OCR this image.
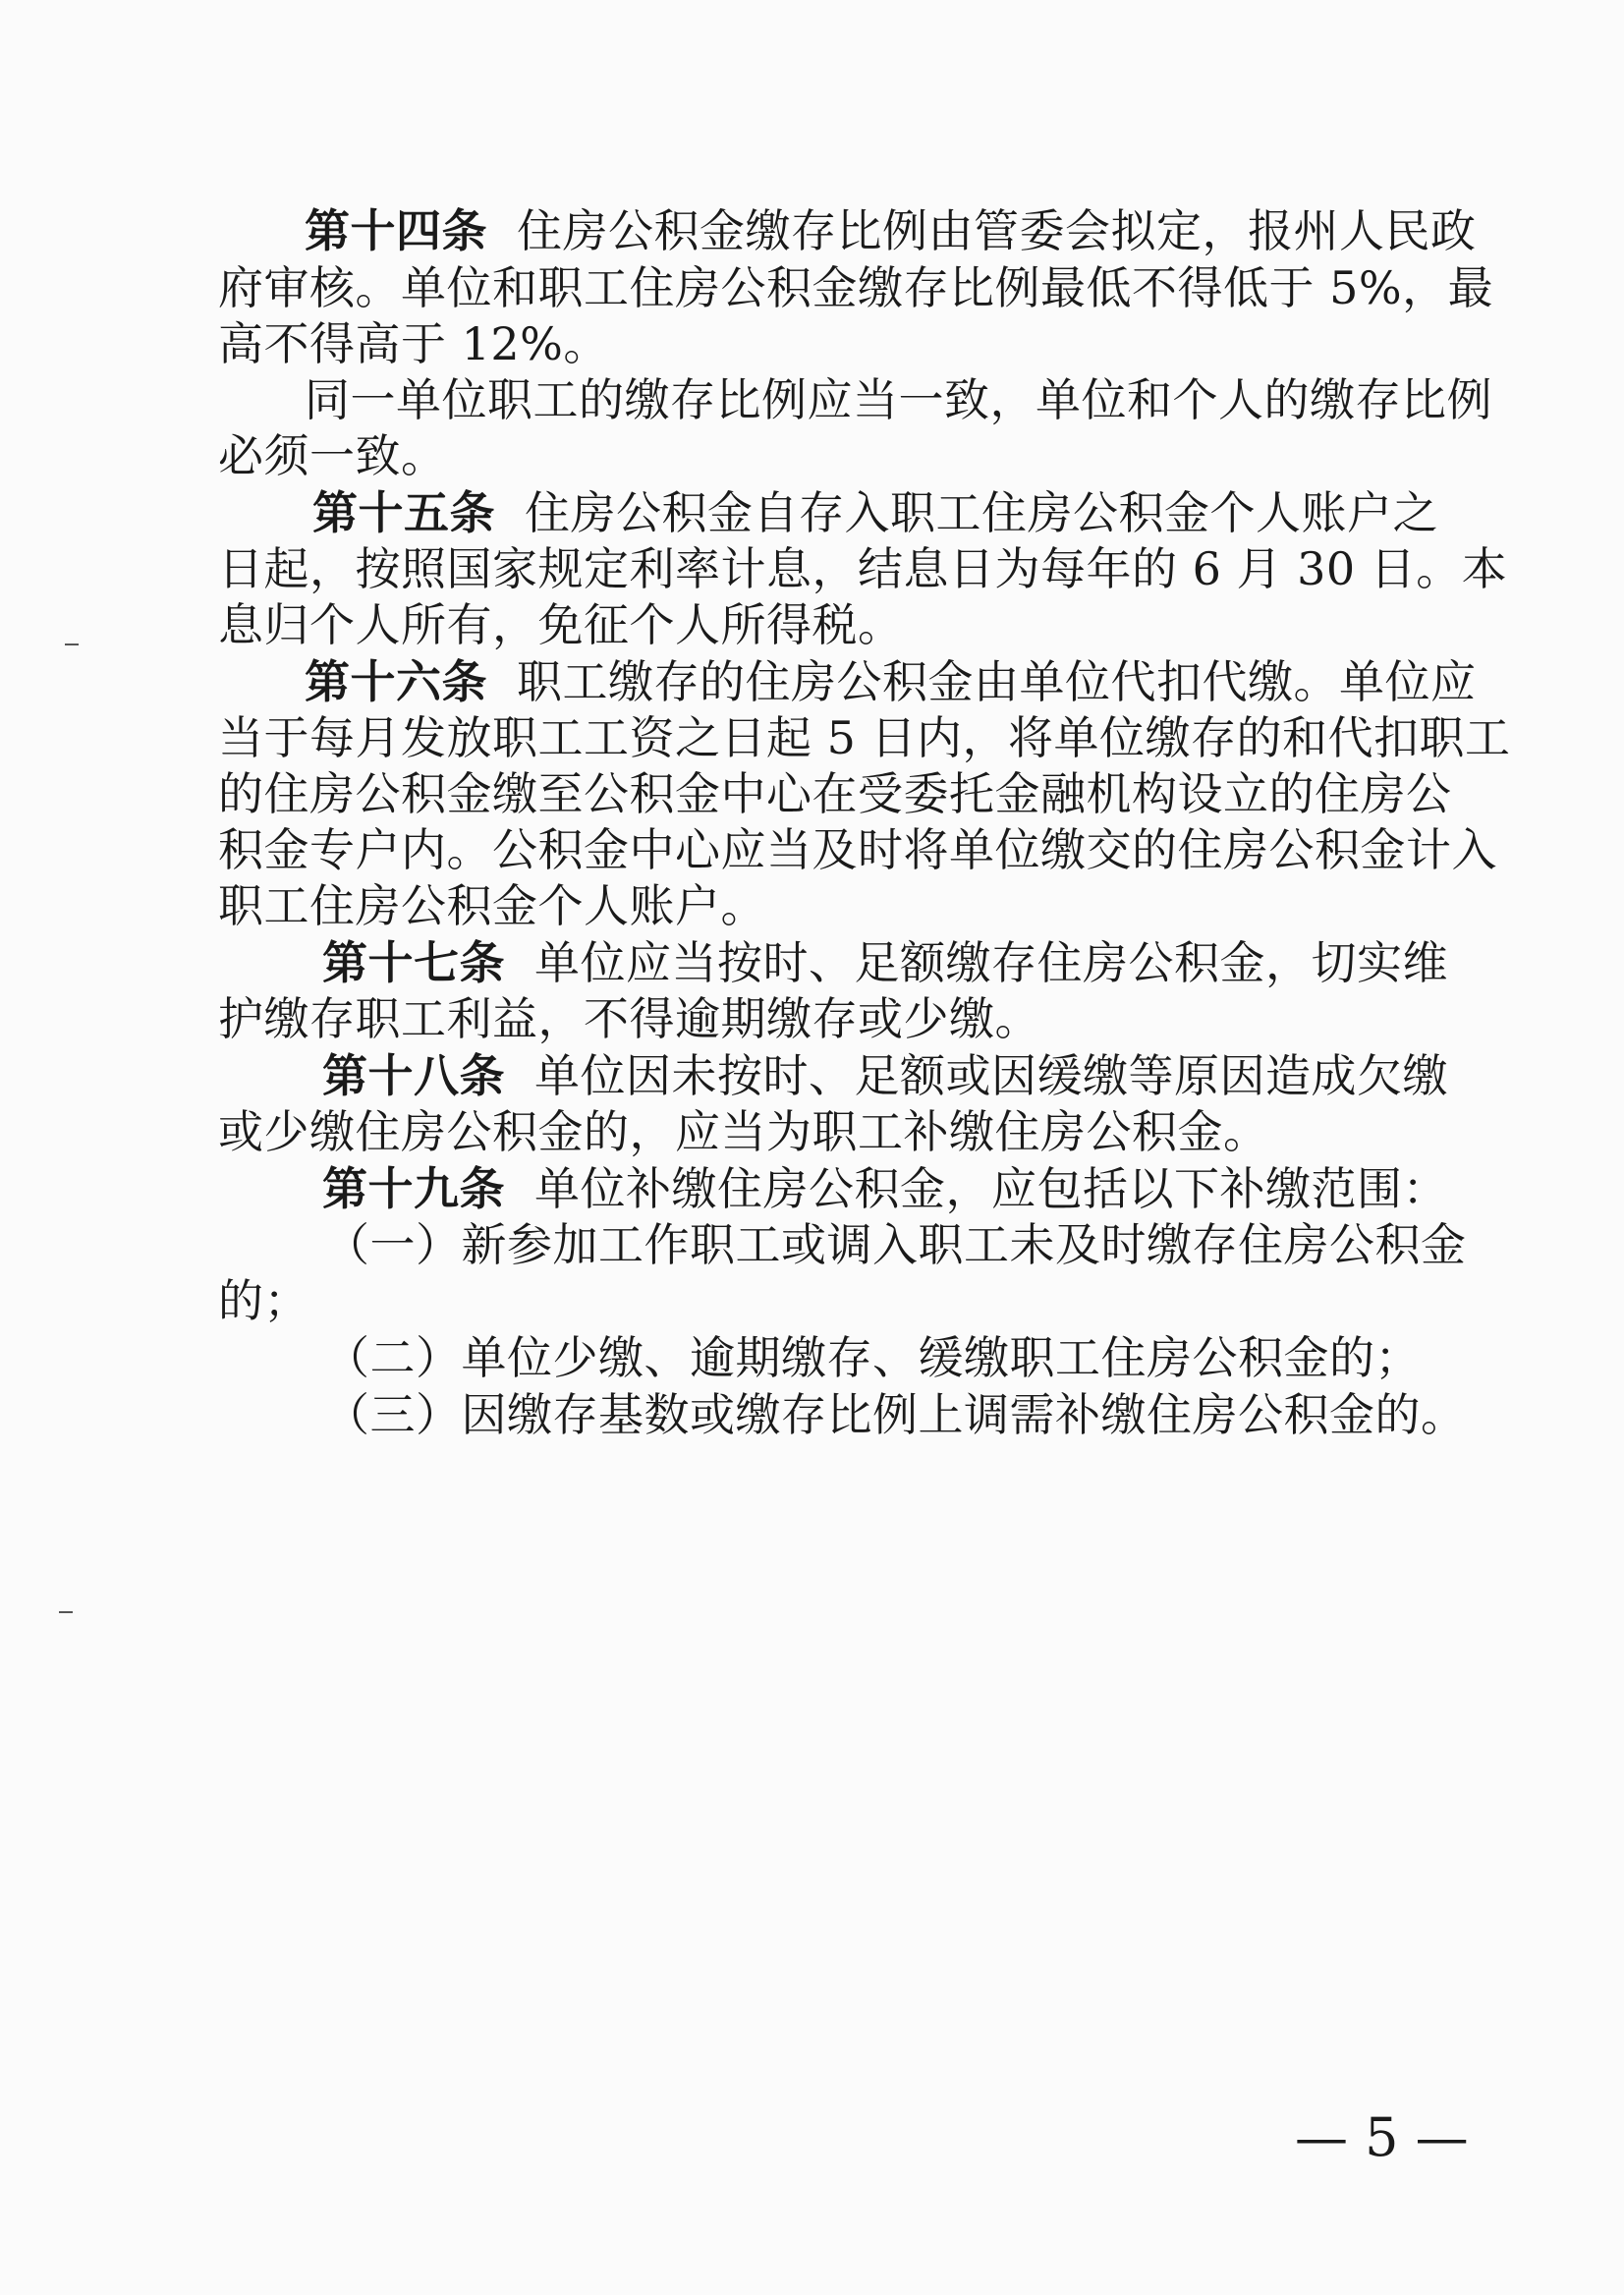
第十四条 住房公积金缴存比例由管委会拟定，报州人民政
府审核。单位和职工住房公积金缴存比例最低不得低于 5%，最
高不得高于 12%。
同一单位职工的缴存比例应当一致，单位和个人的缴存比例
必须一致。
第十五条 住房公积金自存入职工住房公积金个人账户之
日起，按照国家规定利率计息，结息日为每年的 6 月 30 日。本
息归个人所有，免征个人所得税。
第十六条 职工缴存的住房公积金由单位代扣代缴。单位应
当于每月发放职工工资之日起 5 日内，将单位缴存的和代扣职工
的住房公积金缴至公积金中心在受委托金融机构设立的住房公
积金专户内。公积金中心应当及时将单位缴交的住房公积金计入
职工住房公积金个人账户。
第十七条 单位应当按时、足额缴存住房公积金，切实维
护缴存职工利益，不得逾期缴存或少缴。
第十八条 单位因未按时、足额或因缓缴等原因造成欠缴
或少缴住房公积金的，应当为职工补缴住房公积金。
第十九条 单位补缴住房公积金，应包括以下补缴范围：
（一）新参加工作职工或调入职工未及时缴存住房公积金
的；
（二）单位少缴、逾期缴存、缓缴职工住房公积金的；
（三）因缴存基数或缴存比例上调需补缴住房公积金的。
— 5 —
